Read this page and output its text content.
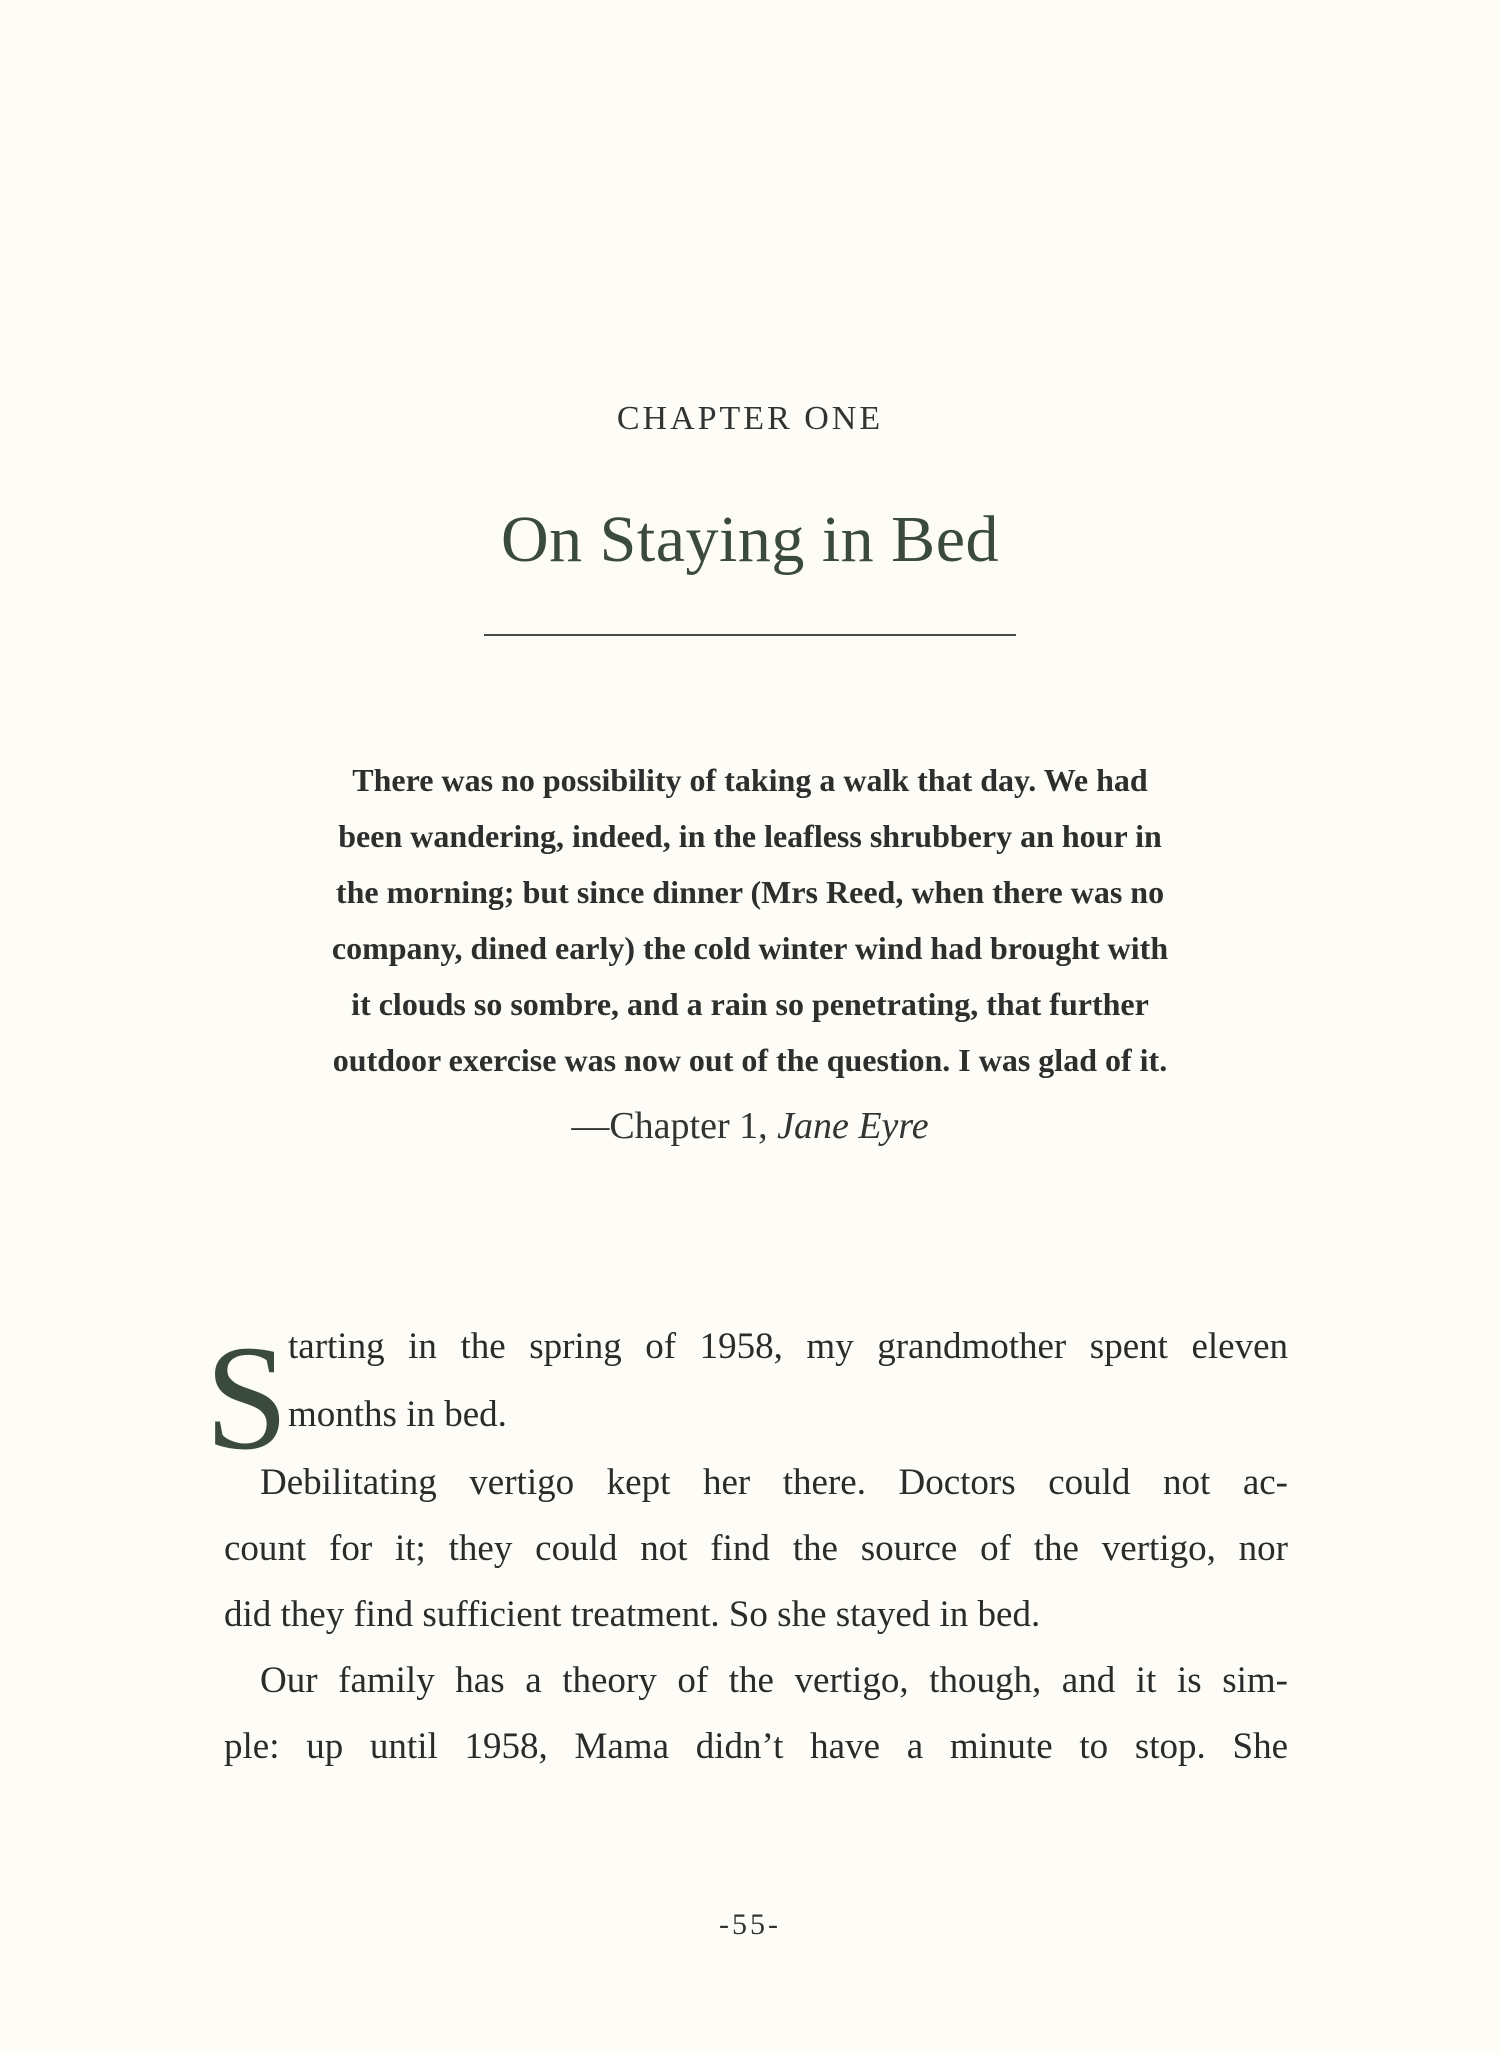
CHAPTER ONE
On Staying in Bed
There was no possibility of taking a walk that day. We had
been wandering, indeed, in the leafless shrubbery an hour in
the morning; but since dinner (Mrs Reed, when there was no
company, dined early) the cold winter wind had brought with
it clouds so sombre, and a rain so penetrating, that further
outdoor exercise was now out of the question. I was glad of it.
—Chapter 1, Jane Eyre
S tarting in the spring of 1958, my grandmother spent eleven
months in bed.
Debilitating vertigo kept her there. Doctors could not ac-
count for it; they could not find the source of the vertigo, nor
did they find sufficient treatment. So she stayed in bed.
Our family has a theory of the vertigo, though, and it is sim-
ple: up until 1958, Mama didn’t have a minute to stop. She
-55-
